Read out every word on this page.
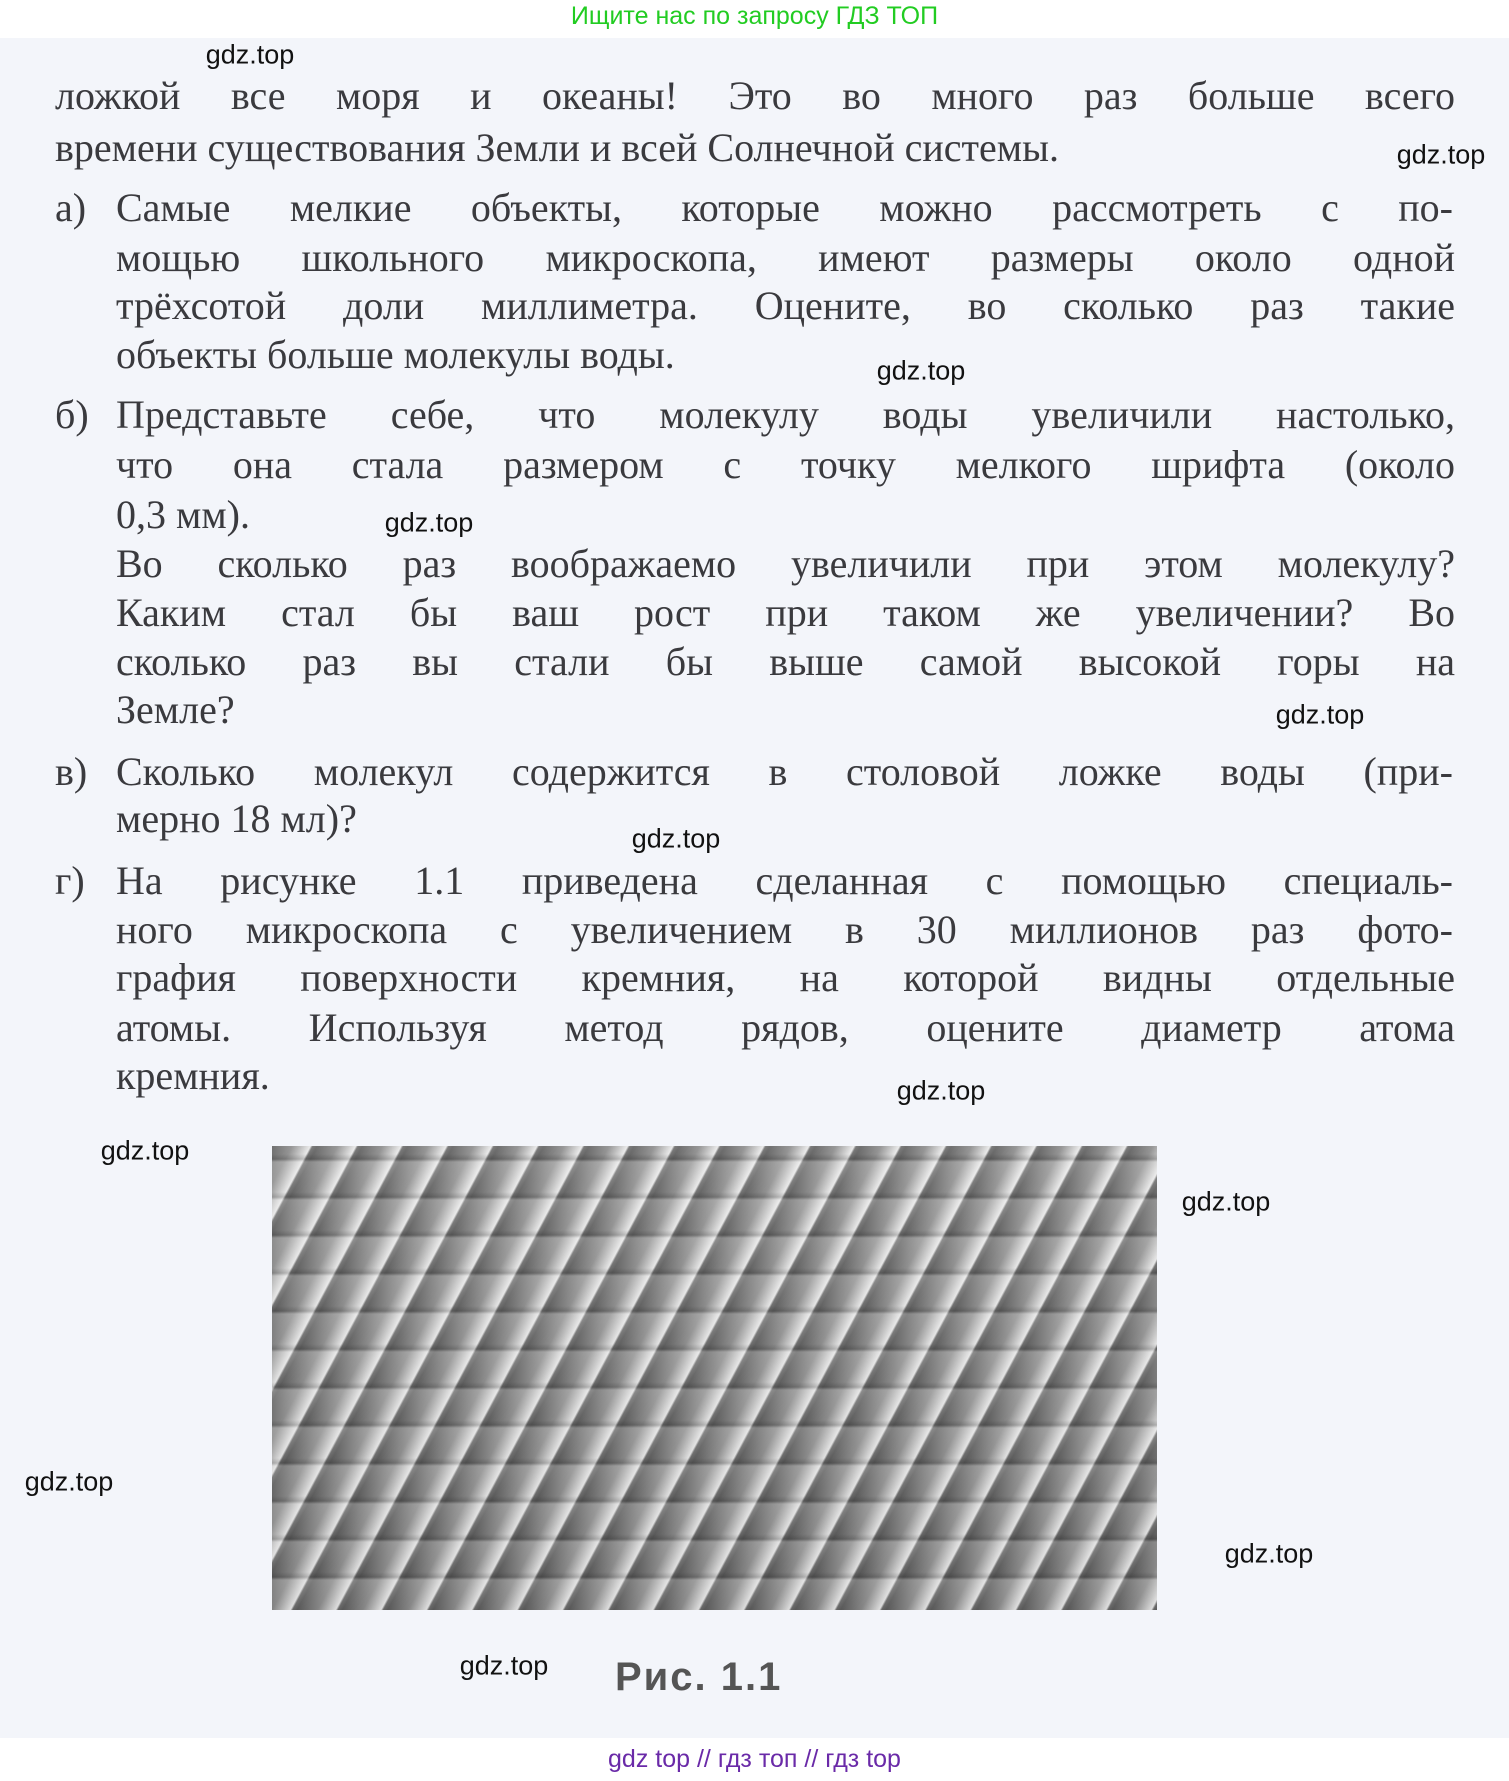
Ищите нас по запросу ГДЗ ТОП
ложкой все моря и океаны! Это во много раз больше всего
времени существования Земли и всей Солнечной системы.
Самые мелкие объекты, которые можно рассмотреть с по-
мощью школьного микроскопа, имеют размеры около одной
трёхсотой доли миллиметра. Оцените, во сколько раз такие
объекты больше молекулы воды.
Представьте себе, что молекулу воды увеличили настолько,
что она стала размером с точку мелкого шрифта (около
0,3 мм).
Во сколько раз воображаемо увеличили при этом молекулу?
Каким стал бы ваш рост при таком же увеличении? Во
сколько раз вы стали бы выше самой высокой горы на
Земле?
Сколько молекул содержится в столовой ложке воды (при-
мерно 18 мл)?
На рисунке 1.1 приведена сделанная с помощью специаль-
ного микроскопа с увеличением в 30 миллионов раз фото-
графия поверхности кремния, на которой видны отдельные
атомы. Используя метод рядов, оцените диаметр атома
кремния.
а)
б)
в)
г)
gdz.top
gdz.top
gdz.top
gdz.top
gdz.top
gdz.top
gdz.top
gdz.top
gdz.top
gdz.top
gdz.top
gdz.top Рис. 1.1
gdz top // гдз топ // гдз top
